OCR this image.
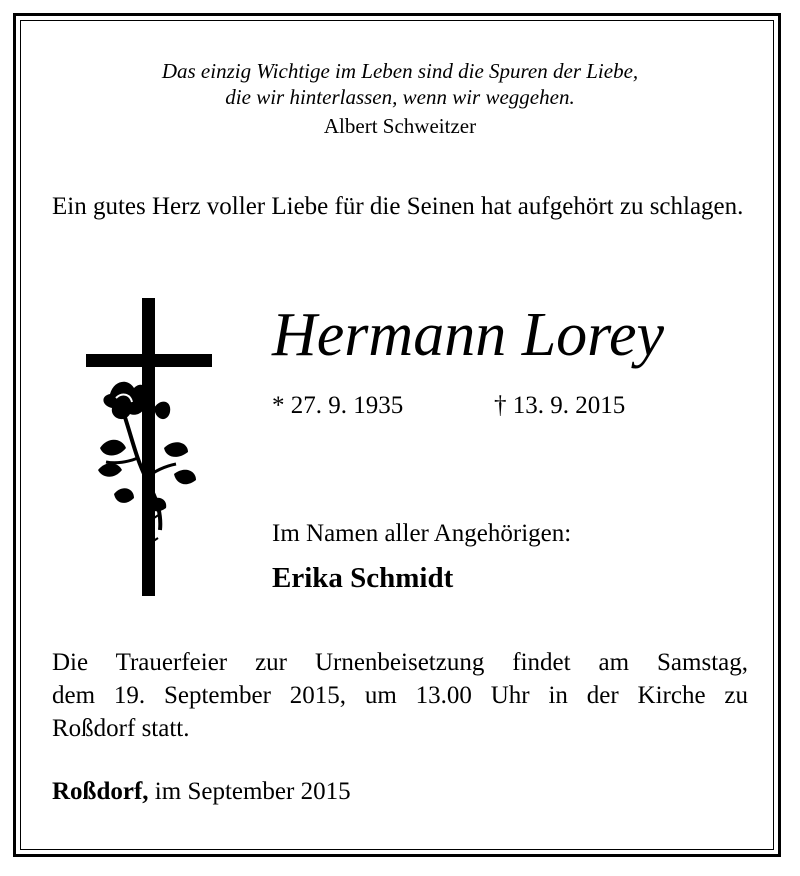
Das einzig Wichtige im Leben sind die Spuren der Liebe,
die wir hinterlassen, wenn wir weggehen.
Albert Schweitzer
Ein gutes Herz voller Liebe für die Seinen hat aufgehört zu schlagen.
Hermann Lorey
* 27. 9. 1935	† 13. 9. 2015
Im Namen aller Angehörigen:
Erika Schmidt
Die Trauerfeier zur Urnenbeisetzung findet am Samstag,
dem 19. September 2015, um 13.00 Uhr in der Kirche zu
Roßdorf statt.
Roßdorf, im September 2015
